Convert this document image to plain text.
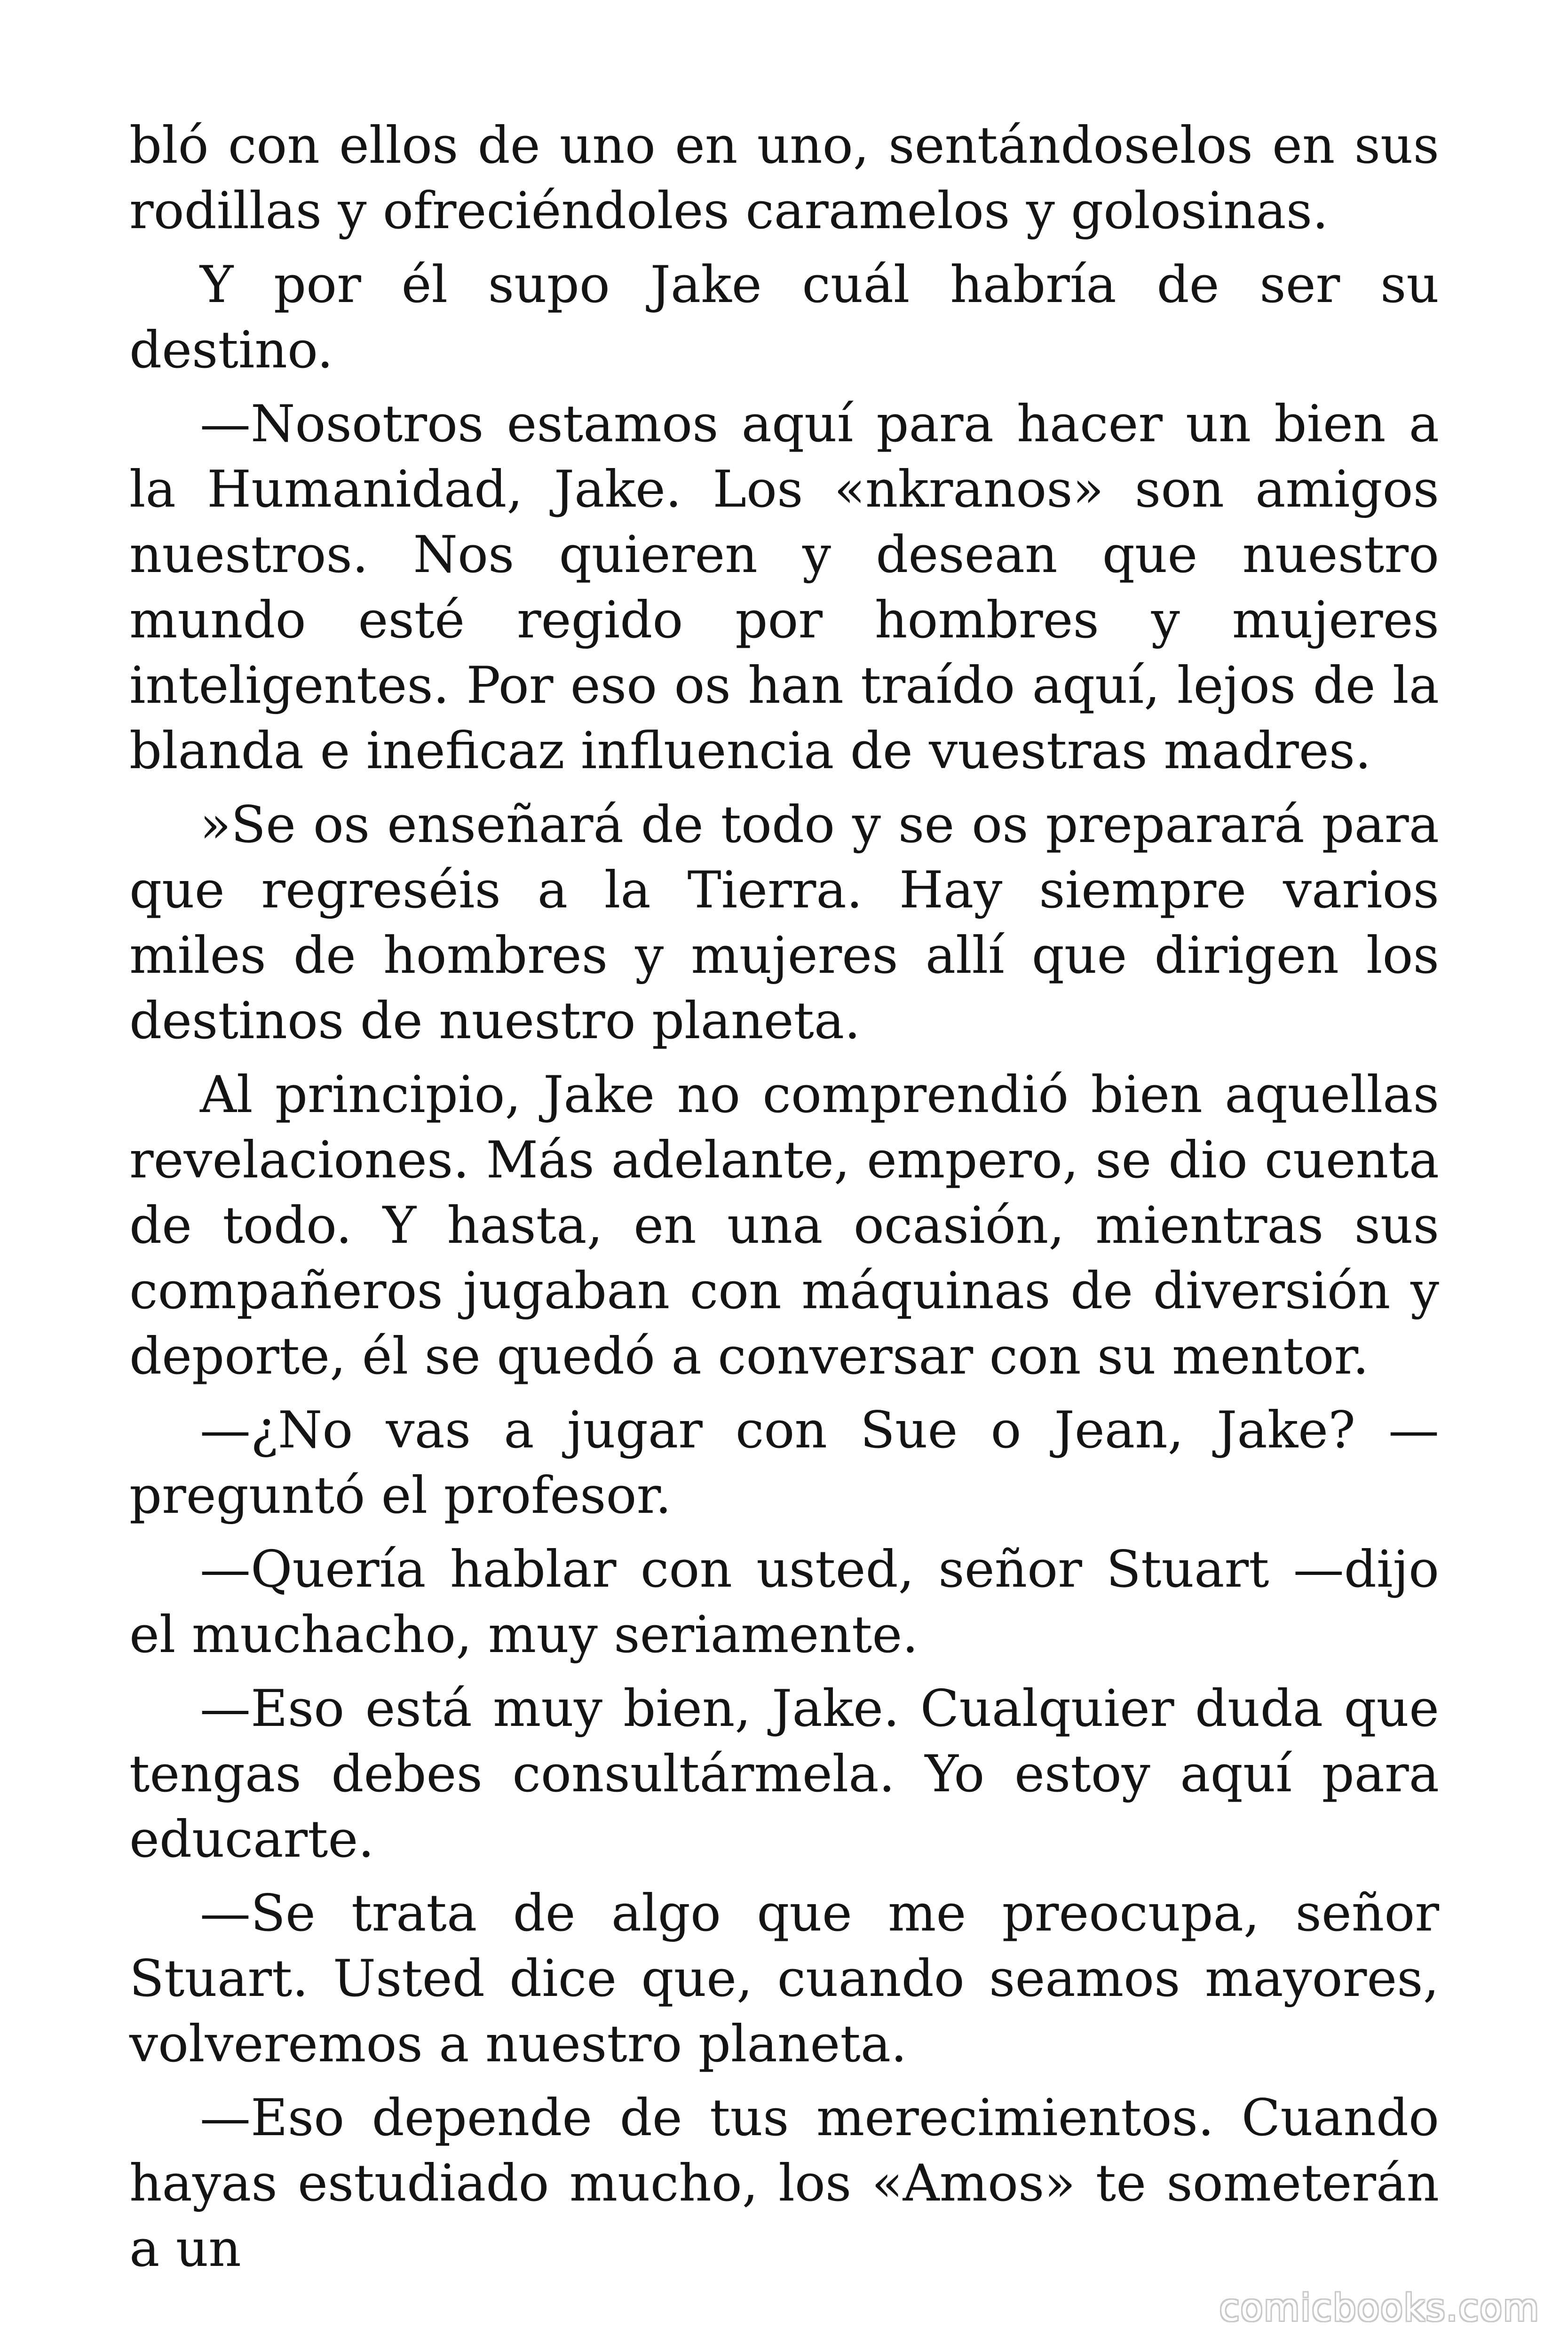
bló con ellos de uno en uno, sentándoselos en sus rodillas y ofreciéndoles caramelos y golosinas.

Y por él supo Jake cuál habría de ser su destino.

—Nosotros estamos aquí para hacer un bien a la Humanidad, Jake. Los «nkranos» son amigos nuestros. Nos quieren y desean que nuestro mundo esté regido por hombres y mujeres inteligentes. Por eso os han traído aquí, lejos de la blanda e ineficaz influencia de vuestras madres.

»Se os enseñará de todo y se os preparará para que regreséis a la Tierra. Hay siempre varios miles de hombres y mujeres allí que dirigen los destinos de nuestro planeta.

Al principio, Jake no comprendió bien aquellas revelaciones. Más adelante, empero, se dio cuenta de todo. Y hasta, en una ocasión, mientras sus compañeros jugaban con máquinas de diversión y deporte, él se quedó a conversar con su mentor.

—¿No vas a jugar con Sue o Jean, Jake? —preguntó el profesor.

—Quería hablar con usted, señor Stuart —dijo el muchacho, muy seriamente.

—Eso está muy bien, Jake. Cualquier duda que tengas debes consultármela. Yo estoy aquí para educarte.

—Se trata de algo que me preocupa, señor Stuart. Usted dice que, cuando seamos mayores, volveremos a nuestro planeta.

—Eso depende de tus merecimientos. Cuando hayas estudiado mucho, los «Amos» te someterán a un

comicbooks.com
